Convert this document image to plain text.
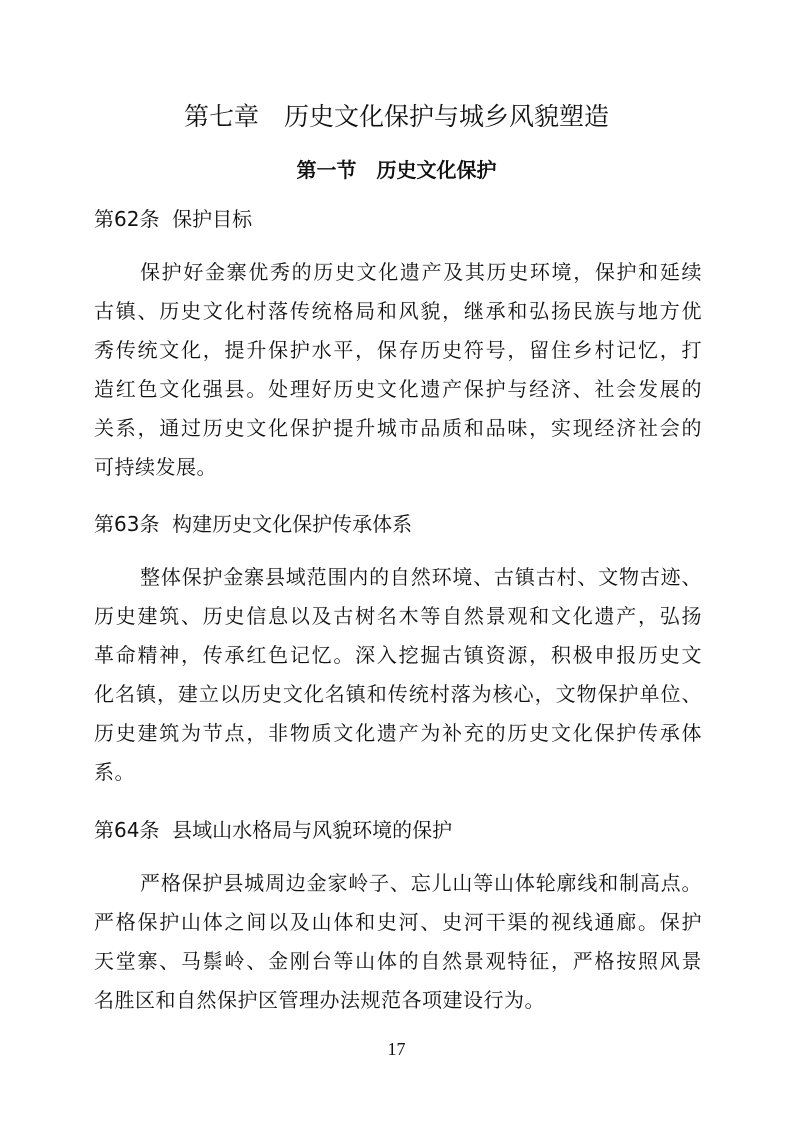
第七章　历史文化保护与城乡风貌塑造
第一节　历史文化保护
第62条  保护目标
保护好金寨优秀的历史文化遗产及其历史环境，保护和延续
古镇、历史文化村落传统格局和风貌，继承和弘扬民族与地方优
秀传统文化，提升保护水平，保存历史符号，留住乡村记忆，打
造红色文化强县。处理好历史文化遗产保护与经济、社会发展的
关系，通过历史文化保护提升城市品质和品味，实现经济社会的
可持续发展。
第63条  构建历史文化保护传承体系
整体保护金寨县域范围内的自然环境、古镇古村、文物古迹、
历史建筑、历史信息以及古树名木等自然景观和文化遗产，弘扬
革命精神，传承红色记忆。深入挖掘古镇资源，积极申报历史文
化名镇，建立以历史文化名镇和传统村落为核心，文物保护单位、
历史建筑为节点，非物质文化遗产为补充的历史文化保护传承体
系。
第64条  县域山水格局与风貌环境的保护
严格保护县城周边金家岭子、忘儿山等山体轮廓线和制高点。
严格保护山体之间以及山体和史河、史河干渠的视线通廊。保护
天堂寨、马鬃岭、金刚台等山体的自然景观特征，严格按照风景
名胜区和自然保护区管理办法规范各项建设行为。
17
